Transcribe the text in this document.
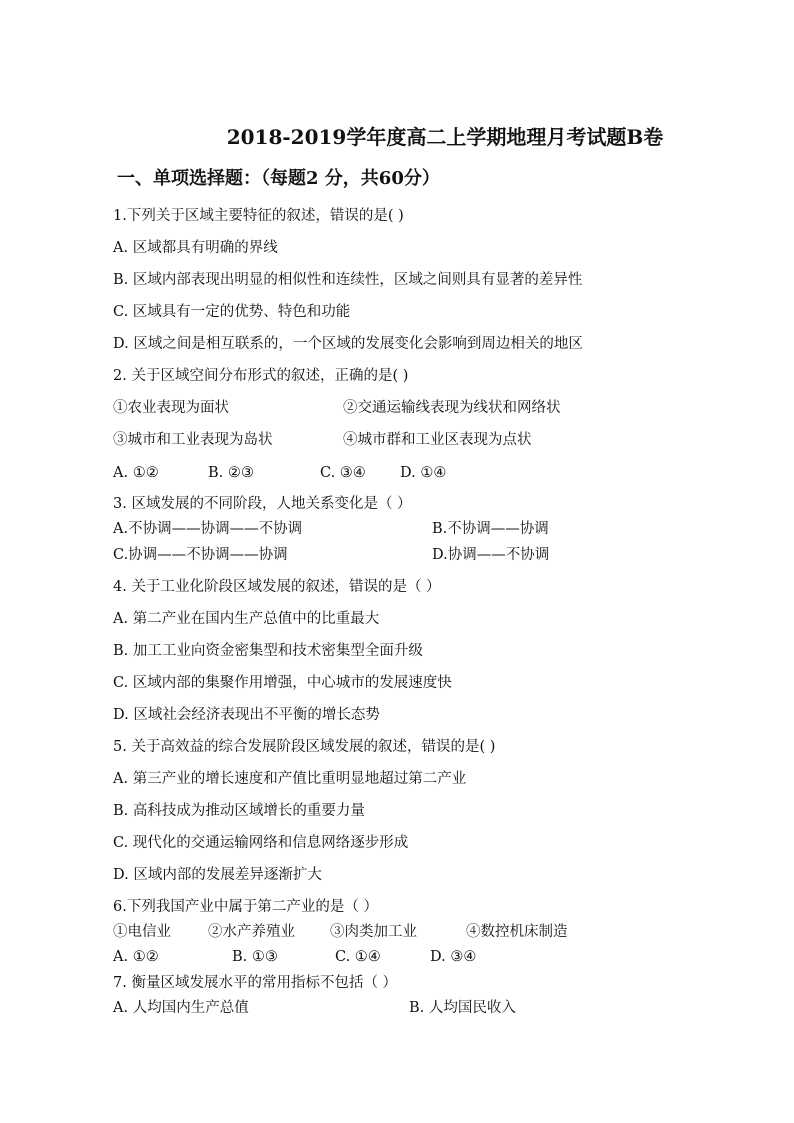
2018-2019学年度高二上学期地理月考试题B卷
一、单项选择题：（每题2 分，共60分）
1.下列关于区域主要特征的叙述，错误的是( )
A. 区域都具有明确的界线
B. 区域内部表现出明显的相似性和连续性，区域之间则具有显著的差异性
C. 区域具有一定的优势、特色和功能
D. 区域之间是相互联系的，一个区域的发展变化会影响到周边相关的地区
2. 关于区域空间分布形式的叙述，正确的是( )
①农业表现为面状	②交通运输线表现为线状和网络状
③城市和工业表现为岛状	④城市群和工业区表现为点状
A. ①②	B. ②③	C. ③④ D. ①④
3. 区域发展的不同阶段，人地关系变化是（ ）
A.不协调——协调——不协调	B.不协调——协调
C.协调——不协调——协调	D.协调——不协调
4. 关于工业化阶段区域发展的叙述，错误的是（ ）
A. 第二产业在国内生产总值中的比重最大
B. 加工工业向资金密集型和技术密集型全面升级
C. 区域内部的集聚作用增强，中心城市的发展速度快
D. 区域社会经济表现出不平衡的增长态势
5. 关于高效益的综合发展阶段区域发展的叙述，错误的是( )
A. 第三产业的增长速度和产值比重明显地超过第二产业
B. 高科技成为推动区域增长的重要力量
C. 现代化的交通运输网络和信息网络逐步形成
D. 区域内部的发展差异逐渐扩大
6.下列我国产业中属于第二产业的是（ ）
①电信业	②水产养殖业 ③肉类加工业	④数控机床制造
A. ①②	B. ①③	C. ①④	D. ③④
7. 衡量区域发展水平的常用指标不包括（ ）
A. 人均国内生产总值	B. 人均国民收入
